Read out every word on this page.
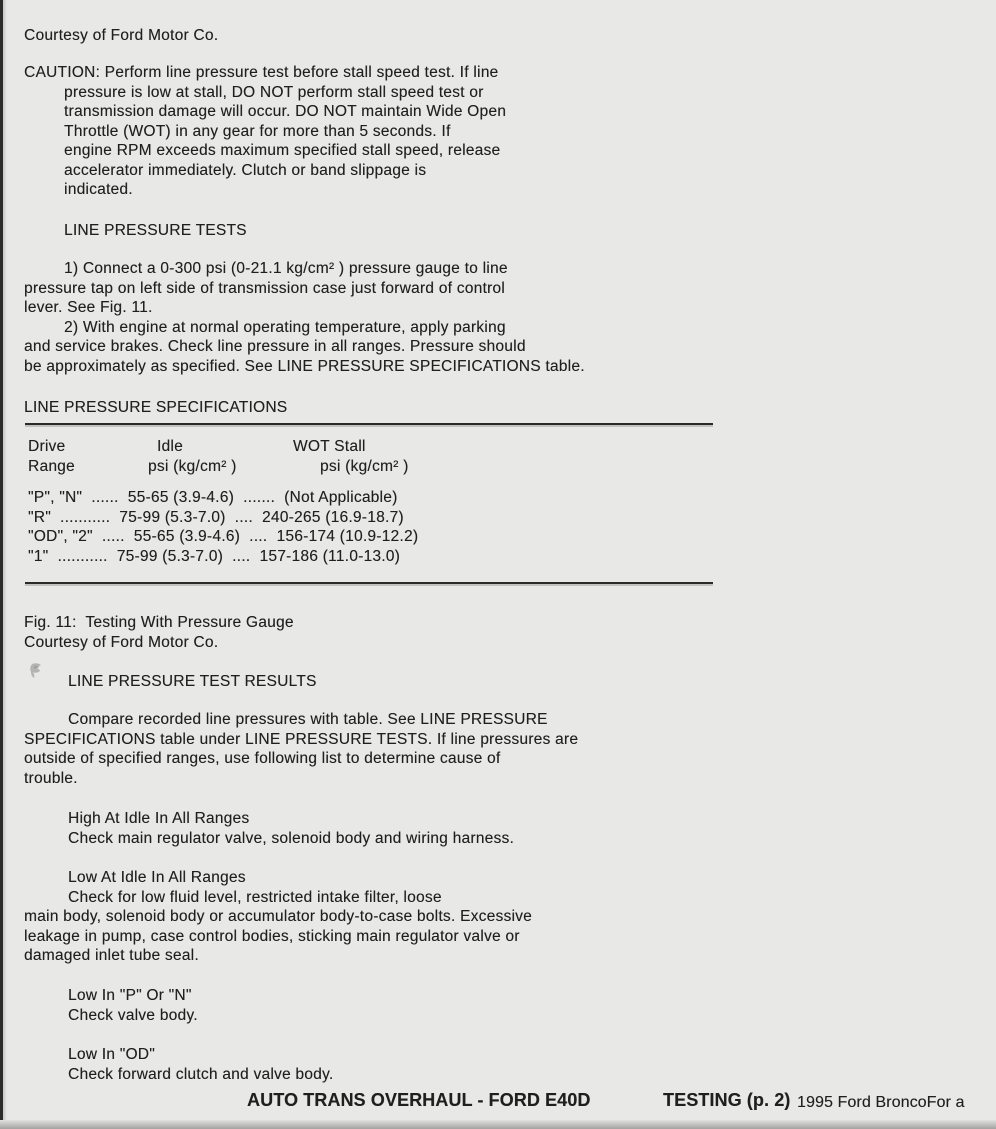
Courtesy of Ford Motor Co.
CAUTION: Perform line pressure test before stall speed test. If line
pressure is low at stall, DO NOT perform stall speed test or
transmission damage will occur. DO NOT maintain Wide Open
Throttle (WOT) in any gear for more than 5 seconds. If
engine RPM exceeds maximum specified stall speed, release
accelerator immediately. Clutch or band slippage is
indicated.
LINE PRESSURE TESTS
1) Connect a 0-300 psi (0-21.1 kg/cm² ) pressure gauge to line
pressure tap on left side of transmission case just forward of control
lever. See Fig. 11.
2) With engine at normal operating temperature, apply parking
and service brakes. Check line pressure in all ranges. Pressure should
be approximately as specified. See LINE PRESSURE SPECIFICATIONS table.
LINE PRESSURE SPECIFICATIONS
Drive	Idle	WOT Stall
Range	psi (kg/cm² )	psi (kg/cm² )
"P", "N"  ......  55-65 (3.9-4.6)  .......  (Not Applicable)
"R"  ...........  75-99 (5.3-7.0)  ....  240-265 (16.9-18.7)
"OD", "2"  .....  55-65 (3.9-4.6)  ....  156-174 (10.9-12.2)
"1"  ...........  75-99 (5.3-7.0)  ....  157-186 (11.0-13.0)
Fig. 11:  Testing With Pressure Gauge
Courtesy of Ford Motor Co.
LINE PRESSURE TEST RESULTS
Compare recorded line pressures with table. See LINE PRESSURE
SPECIFICATIONS table under LINE PRESSURE TESTS. If line pressures are
outside of specified ranges, use following list to determine cause of
trouble.
High At Idle In All Ranges
Check main regulator valve, solenoid body and wiring harness.
Low At Idle In All Ranges
Check for low fluid level, restricted intake filter, loose
main body, solenoid body or accumulator body-to-case bolts. Excessive
leakage in pump, case control bodies, sticking main regulator valve or
damaged inlet tube seal.
Low In "P" Or "N"
Check valve body.
Low In "OD"
Check forward clutch and valve body.
AUTO TRANS OVERHAUL - FORD E40D	TESTING (p. 2) 1995 Ford BroncoFor a
